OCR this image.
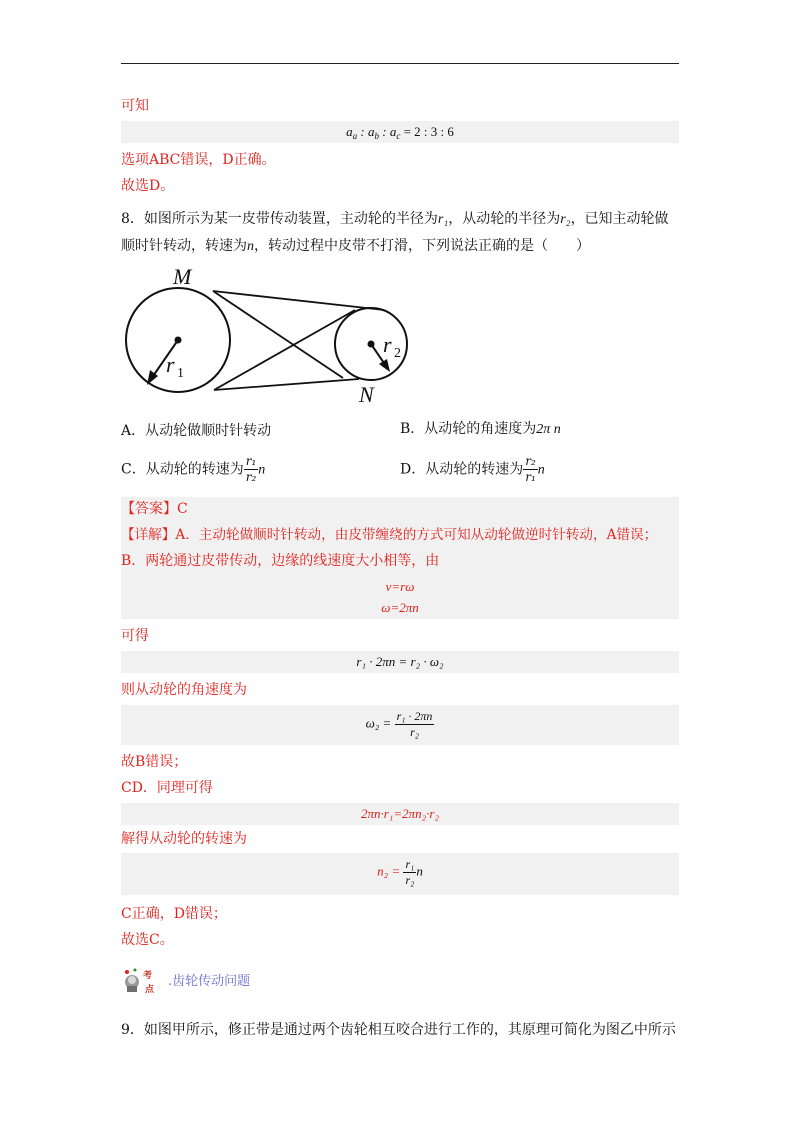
可知
$a_a$ : $a_b$ : $a_c = 2$ : 3 : 6
选项ABC错误，D正确。
故选D。
8．如图所示为某一皮带传动装置，主动轮的半径为r₁，从动轮的半径为r₂，已知主动轮做
顺时针转动，转速为n，转动过程中皮带不打滑，下列说法正确的是（　　）
M
N
r 1
r 2
A．从动轮做顺时针转动	B．从动轮的角速度为2π n
C．从动轮的转速为 $\frac{\text{r₁}}{\text{r₂}}$ n	D．从动轮的转速为 $\frac{\text{r₂}}{\text{r₁}}$ n
【答案】C
【详解】A．主动轮做顺时针转动，由皮带缠绕的方式可知从动轮做逆时针转动，A错误；
B．两轮通过皮带传动，边缘的线速度大小相等，由
v=rω
ω=2πn
可得
r₁ · 2πn = r₂ · ω₂
则从动轮的角速度为
$\omega_2 = \frac{\text{r₁ · 2πn}}{\text{r₂}}$
故B错误；
CD．同理可得
2πn·r₁=2πn₂·r₂
解得从动轮的转速为
$n_2 = \frac{\text{r₁}}{\text{r₂}}$ n
C正确，D错误；
故选C。
考
点
.齿轮传动问题
9．如图甲所示，修正带是通过两个齿轮相互咬合进行工作的，其原理可简化为图乙中所示
